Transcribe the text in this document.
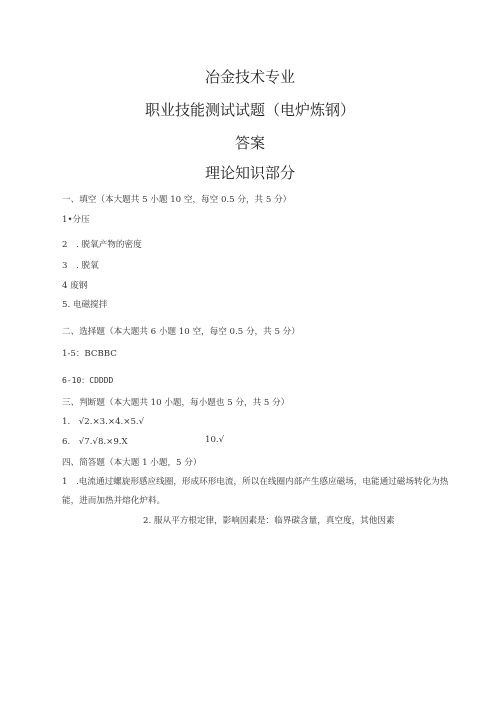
冶金技术专业
职业技能测试试题（电炉炼钢）
答案
理论知识部分
一、填空（本大题共 5 小题 10 空，每空 0.5 分，共 5 分）
1•分压
2　. 脱氧产物的密度
3　. 脱氧
4 废钢
5. 电磁搅拌
二、选择题（本大题共 6 小题 10 空，每空 0.5 分，共 5 分）
1-5：BCBBC
6-10：CDDDD
三、判断题（本大题共 10 小题，每小题也 5 分，共 5 分）
1.　√2.×3.×4.×5.√
6.　√7.√8.×9.X	10.√
四、简答题（本大题 1 小题，5 分）
1　.电流通过螺旋形感应线圈，形成环形电流，所以在线圈内部产生感应磁场，电能通过磁场转化为热
能，进而加热并熔化炉料。
2. 服从平方根定律，影响因素是：临界碳含量，真空度，其他因素
